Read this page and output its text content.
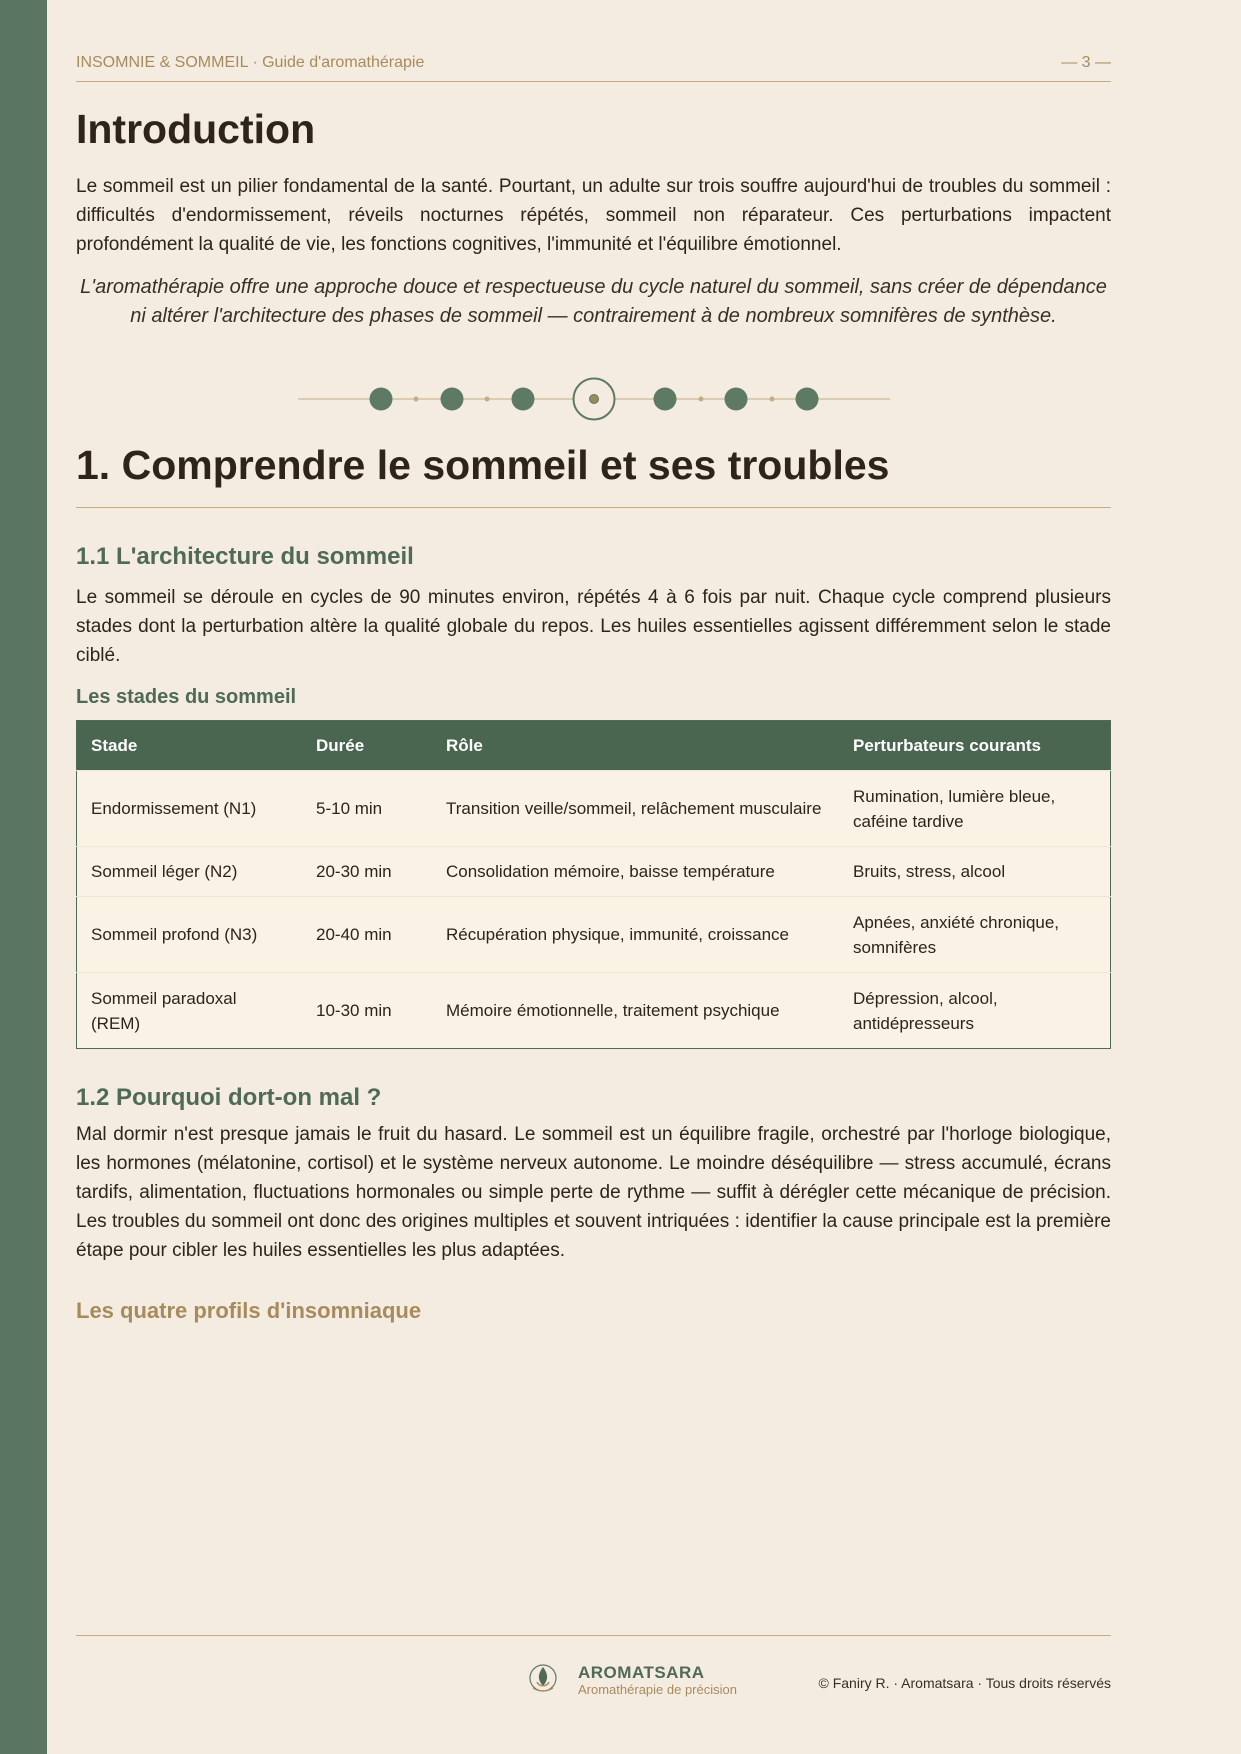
INSOMNIE & SOMMEIL · Guide d'aromathérapie	— 3 —
Introduction

Le sommeil est un pilier fondamental de la santé. Pourtant, un adulte sur trois souffre aujourd'hui de troubles du sommeil : difficultés d'endormissement, réveils nocturnes répétés, sommeil non réparateur. Ces perturbations impactent profondément la qualité de vie, les fonctions cognitives, l'immunité et l'équilibre émotionnel.

L'aromathérapie offre une approche douce et respectueuse du cycle naturel du sommeil, sans créer de dépendance ni altérer l'architecture des phases de sommeil — contrairement à de nombreux somnifères de synthèse.

1. Comprendre le sommeil et ses troubles
1.1 L'architecture du sommeil

Le sommeil se déroule en cycles de 90 minutes environ, répétés 4 à 6 fois par nuit. Chaque cycle comprend plusieurs stades dont la perturbation altère la qualité globale du repos. Les huiles essentielles agissent différemment selon le stade ciblé.

Les stades du sommeil
Stade	Durée	Rôle	Perturbateurs courants
Endormissement (N1)	5-10 min	Transition veille/sommeil, relâchement musculaire	Rumination, lumière bleue, caféine tardive
Sommeil léger (N2)	20-30 min	Consolidation mémoire, baisse température	Bruits, stress, alcool
Sommeil profond (N3)	20-40 min	Récupération physique, immunité, croissance	Apnées, anxiété chronique, somnifères
Sommeil paradoxal (REM)	10-30 min	Mémoire émotionnelle, traitement psychique	Dépression, alcool, antidépresseurs
1.2 Pourquoi dort-on mal ?

Mal dormir n'est presque jamais le fruit du hasard. Le sommeil est un équilibre fragile, orchestré par l'horloge biologique, les hormones (mélatonine, cortisol) et le système nerveux autonome. Le moindre déséquilibre — stress accumulé, écrans tardifs, alimentation, fluctuations hormonales ou simple perte de rythme — suffit à dérégler cette mécanique de précision. Les troubles du sommeil ont donc des origines multiples et souvent intriquées : identifier la cause principale est la première étape pour cibler les huiles essentielles les plus adaptées.

Les quatre profils d'insomniaque
AROMATSARA
Aromathérapie de précision	© Faniry R. · Aromatsara · Tous droits réservés
